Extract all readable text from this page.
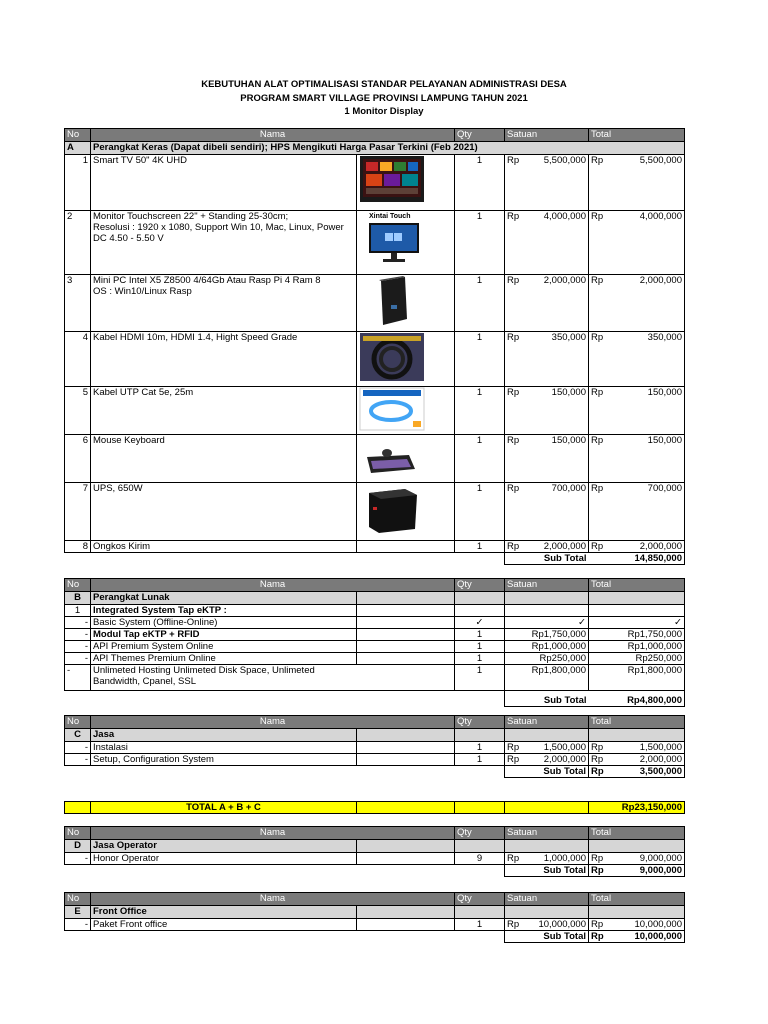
KEBUTUHAN ALAT OPTIMALISASI STANDAR PELAYANAN ADMINISTRASI DESA
PROGRAM SMART VILLAGE PROVINSI LAMPUNG TAHUN 2021
1 Monitor Display
No	Nama		Qty	Satuan	Total
A	Perangkat Keras (Dapat dibeli sendiri); HPS Mengikuti Harga Pasar Terkini (Feb 2021)				
1	Smart TV 50" 4K UHD		1	Rp 5,500,000	Rp 5,500,000
2	Monitor Touchscreen 22" + Standing 25-30cm;
Resolusi : 1920 x 1080, Support Win 10, Mac, Linux, Power DC 4.50 - 5.50 V	Xintai Touch	1	Rp 4,000,000	Rp 4,000,000
3	Mini PC Intel X5 Z8500 4/64Gb Atau Rasp Pi 4 Ram 8
OS : Win10/Linux Rasp		1	Rp 2,000,000	Rp 2,000,000
4	Kabel HDMI 10m, HDMI 1.4, Hight Speed Grade		1	Rp 350,000	Rp 350,000
5	Kabel UTP Cat 5e, 25m		1	Rp 150,000	Rp 150,000
6	Mouse Keyboard		1	Rp 150,000	Rp 150,000
7	UPS, 650W		1	Rp 700,000	Rp 700,000
8	Ongkos Kirim		1	Rp 2,000,000	Rp 2,000,000
				Sub Total	14,850,000
No	Nama		Qty	Satuan	Total
B	Perangkat Lunak				
1	Integrated System Tap eKTP :				
-	Basic System (Offline-Online)		✓	✓	✓
-	Modul Tap eKTP + RFID		1	Rp1,750,000	Rp1,750,000
-	API Premium System Online		1	Rp1,000,000	Rp1,000,000
-	API Themes Premium Online		1	Rp250,000	Rp250,000
-	Unlimeted Hosting Unlimeted Disk Space, Unlimeted Bandwidth, Cpanel, SSL		1	Rp1,800,000	Rp1,800,000
				Sub Total	Rp4,800,000
No	Nama		Qty	Satuan	Total
C	Jasa				
-	Instalasi		1	Rp 1,500,000	Rp 1,500,000
-	Setup, Configuration System		1	Rp 2,000,000	Rp 2,000,000
				Sub Total	Rp 3,500,000
	TOTAL A + B + C				Rp23,150,000
No	Nama		Qty	Satuan	Total
D	Jasa Operator				
-	Honor Operator		9	Rp 1,000,000	Rp 9,000,000
				Sub Total	Rp 9,000,000
No	Nama		Qty	Satuan	Total
E	Front Office				
-	Paket Front office		1	Rp 10,000,000	Rp 10,000,000
				Sub Total	Rp 10,000,000
